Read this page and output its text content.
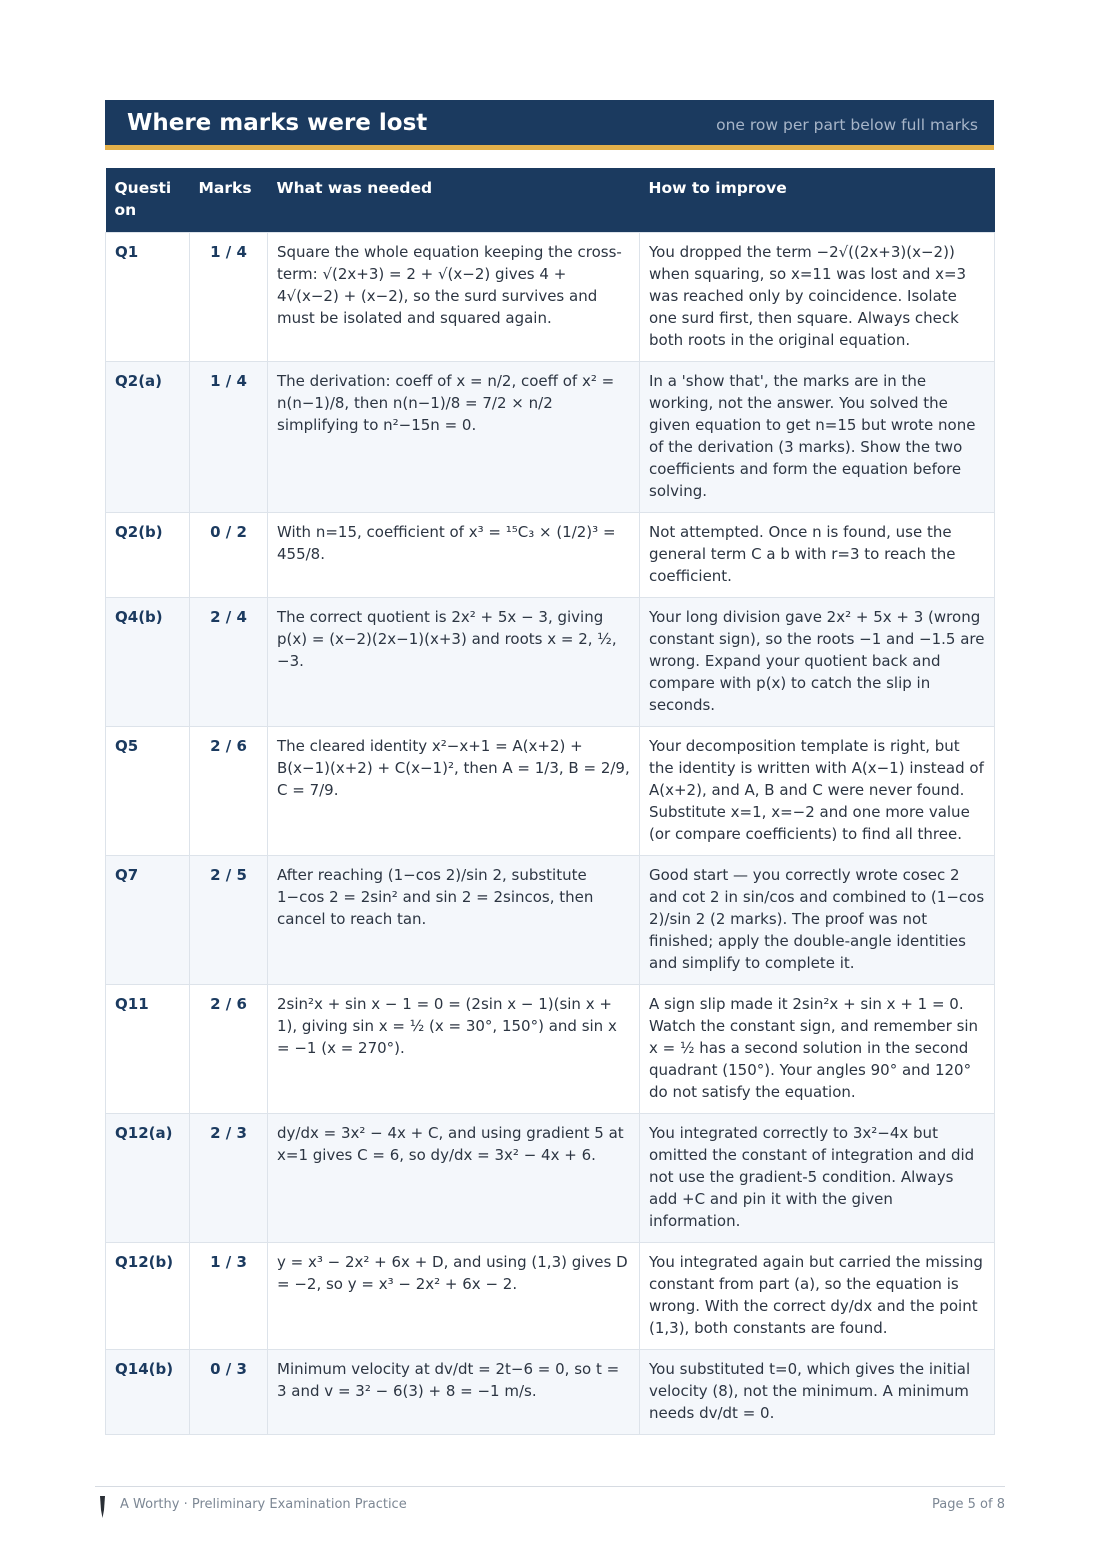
Where marks were lost	one row per part below full marks
Question	Marks	What was needed	How to improve
Q1	1 / 4	Square the whole equation keeping the cross-term: √(2x+3) = 2 + √(x−2) gives 4 + 4√(x−2) + (x−2), so the surd survives and must be isolated and squared again.	You dropped the term −2√((2x+3)(x−2)) when squaring, so x=11 was lost and x=3 was reached only by coincidence. Isolate one surd first, then square. Always check both roots in the original equation.
Q2(a)	1 / 4	The derivation: coeff of x = n/2, coeff of x² = n(n−1)/8, then n(n−1)/8 = 7/2 × n/2 simplifying to n²−15n = 0.	In a 'show that', the marks are in the working, not the answer. You solved the given equation to get n=15 but wrote none of the derivation (3 marks). Show the two coefficients and form the equation before solving.
Q2(b)	0 / 2	With n=15, coefficient of x³ = ¹⁵C₃ × (1/2)³ = 455/8.	Not attempted. Once n is found, use the general term C a b with r=3 to reach the coefficient.
Q4(b)	2 / 4	The correct quotient is 2x² + 5x − 3, giving p(x) = (x−2)(2x−1)(x+3) and roots x = 2, ½, −3.	Your long division gave 2x² + 5x + 3 (wrong constant sign), so the roots −1 and −1.5 are wrong. Expand your quotient back and compare with p(x) to catch the slip in seconds.
Q5	2 / 6	The cleared identity x²−x+1 = A(x+2) + B(x−1)(x+2) + C(x−1)², then A = 1/3, B = 2/9, C = 7/9.	Your decomposition template is right, but the identity is written with A(x−1) instead of A(x+2), and A, B and C were never found. Substitute x=1, x=−2 and one more value (or compare coefficients) to find all three.
Q7	2 / 5	After reaching (1−cos 2)/sin 2, substitute 1−cos 2 = 2sin² and sin 2 = 2sincos, then cancel to reach tan.	Good start — you correctly wrote cosec 2 and cot 2 in sin/cos and combined to (1−cos 2)/sin 2 (2 marks). The proof was not finished; apply the double-angle identities and simplify to complete it.
Q11	2 / 6	2sin²x + sin x − 1 = 0 = (2sin x − 1)(sin x + 1), giving sin x = ½ (x = 30°, 150°) and sin x = −1 (x = 270°).	A sign slip made it 2sin²x + sin x + 1 = 0. Watch the constant sign, and remember sin x = ½ has a second solution in the second quadrant (150°). Your angles 90° and 120° do not satisfy the equation.
Q12(a)	2 / 3	dy/dx = 3x² − 4x + C, and using gradient 5 at x=1 gives C = 6, so dy/dx = 3x² − 4x + 6.	You integrated correctly to 3x²−4x but omitted the constant of integration and did not use the gradient-5 condition. Always add +C and pin it with the given information.
Q12(b)	1 / 3	y = x³ − 2x² + 6x + D, and using (1,3) gives D = −2, so y = x³ − 2x² + 6x − 2.	You integrated again but carried the missing constant from part (a), so the equation is wrong. With the correct dy/dx and the point (1,3), both constants are found.
Q14(b)	0 / 3	Minimum velocity at dv/dt = 2t−6 = 0, so t = 3 and v = 3² − 6(3) + 8 = −1 m/s.	You substituted t=0, which gives the initial velocity (8), not the minimum. A minimum needs dv/dt = 0.
A Worthy · Preliminary Examination Practice	Page 5 of 8
